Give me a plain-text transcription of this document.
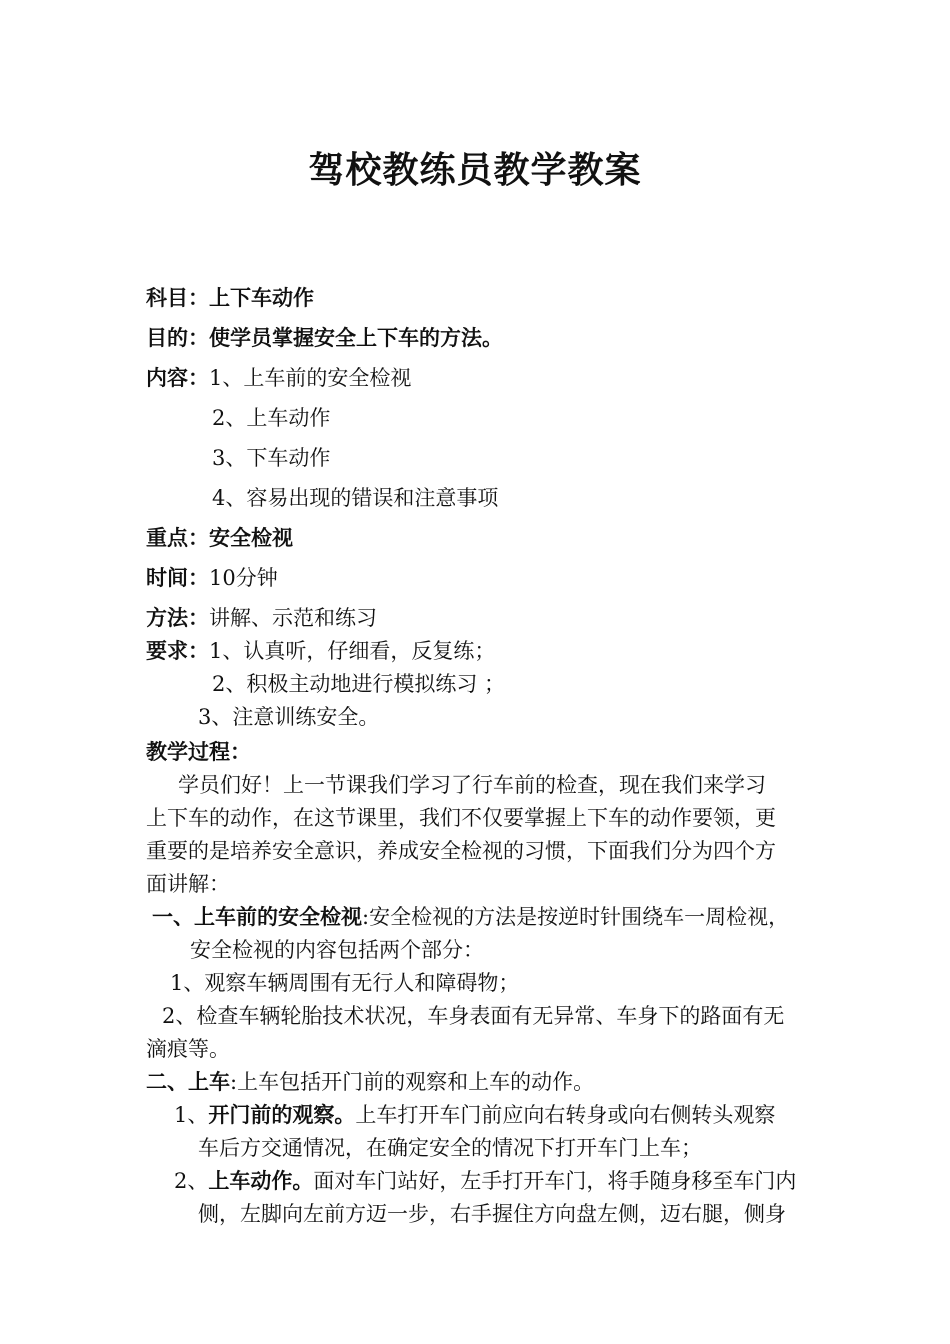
驾校教练员教学教案
科目：上下车动作
目的：使学员掌握安全上下车的方法。
内容：1、上车前的安全检视
2、上车动作
3、下车动作
4、容易出现的错误和注意事项
重点：安全检视
时间：10分钟
方法：讲解、示范和练习
要求：1、认真听，仔细看，反复练；
2、积极主动地进行模拟练习 ；
3、注意训练安全。
教学过程：
学员们好！上一节课我们学习了行车前的检查，现在我们来学习
上下车的动作，在这节课里，我们不仅要掌握上下车的动作要领，更
重要的是培养安全意识，养成安全检视的习惯，下面我们分为四个方
面讲解：
一、上车前的安全检视:安全检视的方法是按逆时针围绕车一周检视，
安全检视的内容包括两个部分：
1、观察车辆周围有无行人和障碍物；
2、检查车辆轮胎技术状况，车身表面有无异常、车身下的路面有无
滴痕等。
二、上车:上车包括开门前的观察和上车的动作。
1、开门前的观察。上车打开车门前应向右转身或向右侧转头观察
车后方交通情况，在确定安全的情况下打开车门上车；
2、上车动作。面对车门站好，左手打开车门，将手随身移至车门内
侧，左脚向左前方迈一步，右手握住方向盘左侧，迈右腿，侧身
